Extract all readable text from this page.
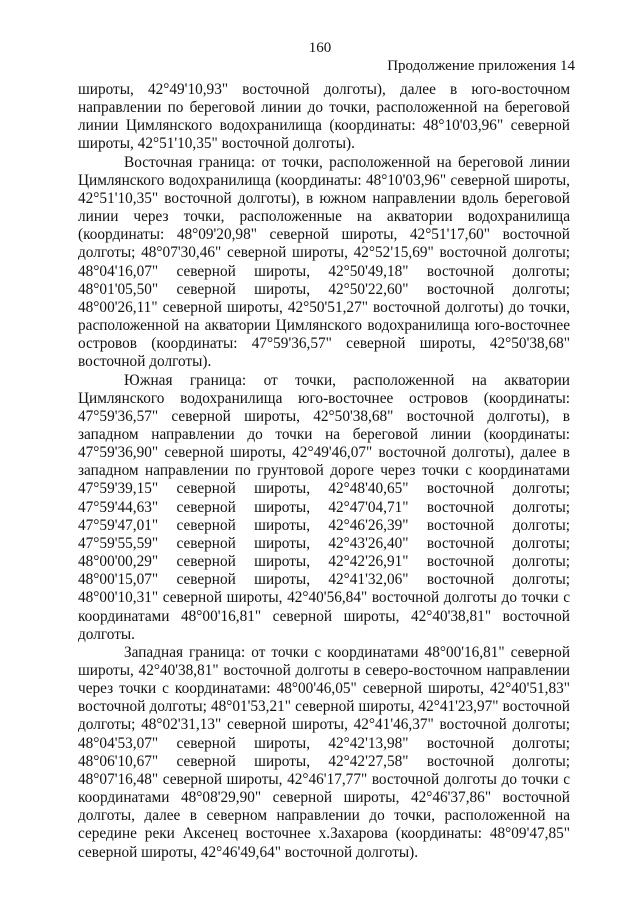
160
Продолжение приложения 14

широты, 42°49'10,93" восточной долготы), далее в юго-восточном направлении по береговой линии до точки, расположенной на береговой линии Цимлянского водохранилища (координаты: 48°10'03,96" северной широты, 42°51'10,35" восточной долготы).

Восточная граница: от точки, расположенной на береговой линии Цимлянского водохранилища (координаты: 48°10'03,96" северной широты, 42°51'10,35" восточной долготы), в южном направлении вдоль береговой линии через точки, расположенные на акватории водохранилища (координаты: 48°09'20,98" северной широты, 42°51'17,60" восточной долготы; 48°07'30,46" северной широты, 42°52'15,69" восточной долготы; 48°04'16,07" северной широты, 42°50'49,18" восточной долготы; 48°01'05,50" северной широты, 42°50'22,60" восточной долготы; 48°00'26,11" северной широты, 42°50'51,27" восточной долготы) до точки, расположенной на акватории Цимлянского водохранилища юго-восточнее островов (координаты: 47°59'36,57" северной широты, 42°50'38,68" восточной долготы).

Южная граница: от точки, расположенной на акватории Цимлянского водохранилища юго-восточнее островов (координаты: 47°59'36,57" северной широты, 42°50'38,68" восточной долготы), в западном направлении до точки на береговой линии (координаты: 47°59'36,90" северной широты, 42°49'46,07" восточной долготы), далее в западном направлении по грунтовой дороге через точки с координатами 47°59'39,15" северной широты, 42°48'40,65" восточной долготы; 47°59'44,63" северной широты, 42°47'04,71" восточной долготы; 47°59'47,01" северной широты, 42°46'26,39" восточной долготы; 47°59'55,59" северной широты, 42°43'26,40" восточной долготы; 48°00'00,29" северной широты, 42°42'26,91" восточной долготы; 48°00'15,07" северной широты, 42°41'32,06" восточной долготы; 48°00'10,31" северной широты, 42°40'56,84" восточной долготы до точки с координатами 48°00'16,81" северной широты, 42°40'38,81" восточной долготы.

Западная граница: от точки с координатами 48°00'16,81" северной широты, 42°40'38,81" восточной долготы в северо-восточном направлении через точки с координатами: 48°00'46,05" северной широты, 42°40'51,83" восточной долготы; 48°01'53,21" северной широты, 42°41'23,97" восточной долготы; 48°02'31,13" северной широты, 42°41'46,37" восточной долготы; 48°04'53,07" северной широты, 42°42'13,98" восточной долготы; 48°06'10,67" северной широты, 42°42'27,58" восточной долготы; 48°07'16,48" северной широты, 42°46'17,77" восточной долготы до точки с координатами 48°08'29,90" северной широты, 42°46'37,86" восточной долготы, далее в северном направлении до точки, расположенной на середине реки Аксенец восточнее х.Захарова (координаты: 48°09'47,85" северной широты, 42°46'49,64" восточной долготы).
